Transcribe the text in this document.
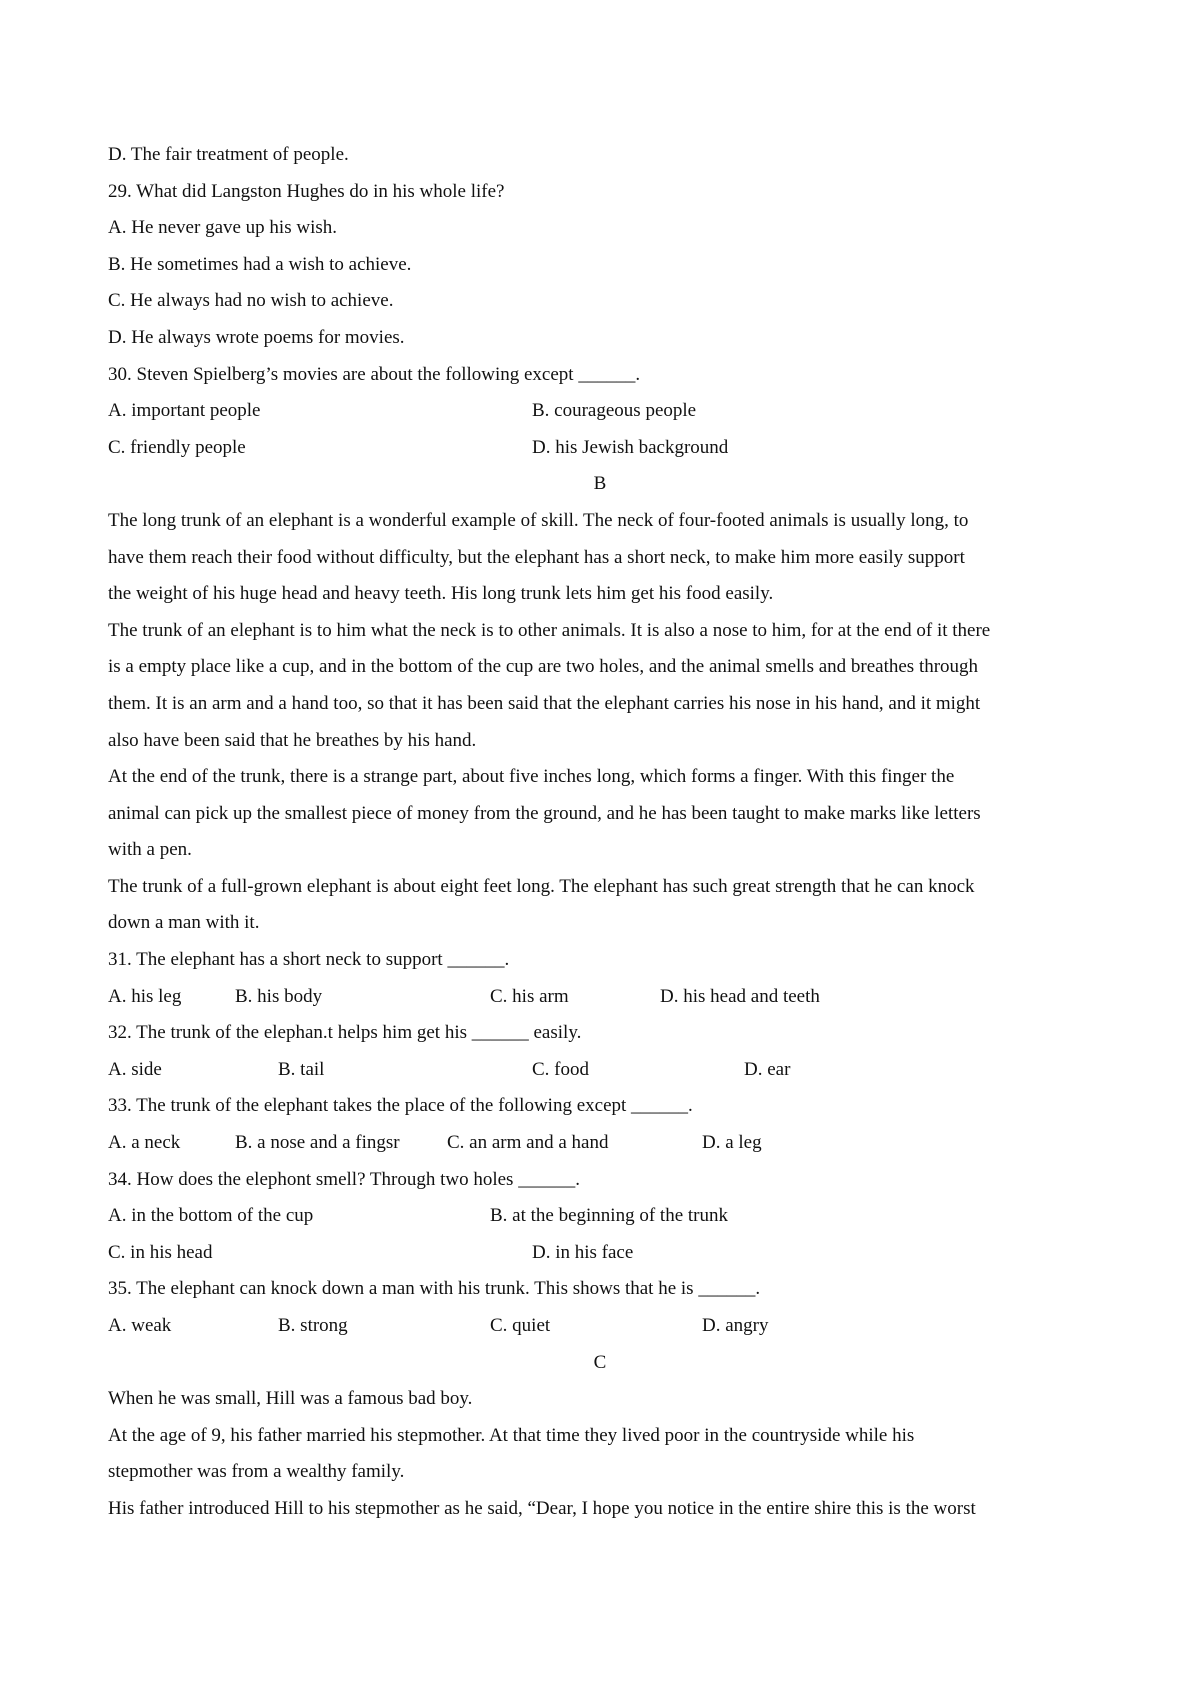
D. The fair treatment of people.
29. What did Langston Hughes do in his whole life?
A. He never gave up his wish.
B. He sometimes had a wish to achieve.
C. He always had no wish to achieve.
D. He always wrote poems for movies.
30. Steven Spielberg’s movies are about the following except ______.
A. important people	B. courageous people
C. friendly people	D. his Jewish background
B
The long trunk of an elephant is a wonderful example of skill. The neck of four-footed animals is usually long, to
have them reach their food without difficulty, but the elephant has a short neck, to make him more easily support
the weight of his huge head and heavy teeth. His long trunk lets him get his food easily.
The trunk of an elephant is to him what the neck is to other animals. It is also a nose to him, for at the end of it there
is a empty place like a cup, and in the bottom of the cup are two holes, and the animal smells and breathes through
them. It is an arm and a hand too, so that it has been said that the elephant carries his nose in his hand, and it might
also have been said that he breathes by his hand.
At the end of the trunk, there is a strange part, about five inches long, which forms a finger. With this finger the
animal can pick up the smallest piece of money from the ground, and he has been taught to make marks like letters
with a pen.
The trunk of a full-grown elephant is about eight feet long. The elephant has such great strength that he can knock
down a man with it.
31. The elephant has a short neck to support ______.
A. his leg	B. his body	C. his arm	D. his head and teeth
32. The trunk of the elephan.t helps him get his ______ easily.
A. side	B. tail	C. food	D. ear
33. The trunk of the elephant takes the place of the following except ______.
A. a neck	B. a nose and a fingsr C. an arm and a hand	D. a leg
34. How does the elephont smell? Through two holes ______.
A. in the bottom of the cup	B. at the beginning of the trunk
C. in his head	D. in his face
35. The elephant can knock down a man with his trunk. This shows that he is ______.
A. weak	B. strong	C. quiet	D. angry
C
When he was small, Hill was a famous bad boy.
At the age of 9, his father married his stepmother. At that time they lived poor in the countryside while his
stepmother was from a wealthy family.
His father introduced Hill to his stepmother as he said, “Dear, I hope you notice in the entire shire this is the worst
